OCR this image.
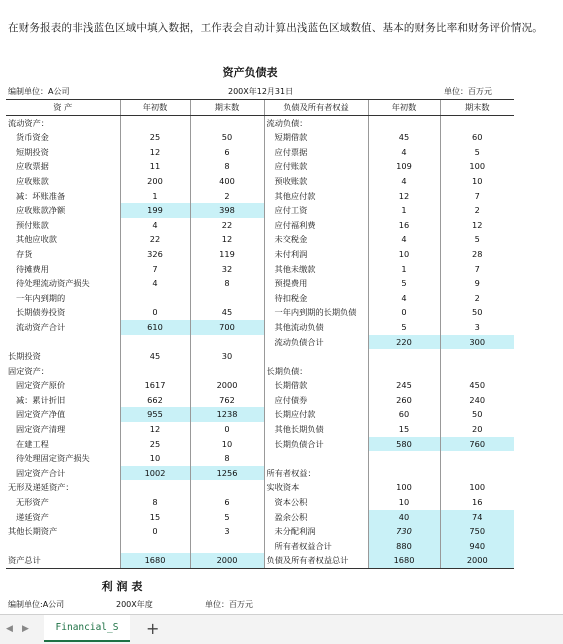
在财务报表的非浅蓝色区域中填入数据，工作表会自动计算出浅蓝色区域数值、基本的财务比率和财务评价情况。
资产负债表
编制单位：A公司	200X年12月31日	单位：百万元
资 产	年初数	期末数	负债及所有者权益	年初数	期末数
流动资产：			流动负债：		
货币资金	25	50	短期借款	45	60
短期投资	12	6	应付票据	4	5
应收票据	11	8	应付账款	109	100
应收账款	200	400	预收账款	4	10
减：坏账准备	1	2	其他应付款	12	7
应收账款净额	199	398	应付工资	1	2
预付账款	4	22	应付福利费	16	12
其他应收款	22	12	未交税金	4	5
存货	326	119	未付利润	10	28
待摊费用	7	32	其他未缴款	1	7
待处理流动资产损失	4	8	预提费用	5	9
一年内到期的			待扣税金	4	2
长期债券投资	0	45	一年内到期的长期负债	0	50
流动资产合计	610	700	其他流动负债	5	3
			流动负债合计	220	300
长期投资	45	30			
固定资产：			长期负债：		
固定资产原价	1617	2000	长期借款	245	450
减：累计折旧	662	762	应付债券	260	240
固定资产净值	955	1238	长期应付款	60	50
固定资产清理	12	0	其他长期负债	15	20
在建工程	25	10	长期负债合计	580	760
待处理固定资产损失	10	8			
固定资产合计	1002	1256	所有者权益：		
无形及递延资产：			实收资本	100	100
无形资产	8	6	资本公积	10	16
递延资产	15	5	盈余公积	40	74
其他长期资产	0	3	未分配利润	730	750
			所有者权益合计	880	940
资产总计	1680	2000	负债及所有者权益总计	1680	2000
利 润 表
编制单位:A公司	200X年度	单位：百万元
◀ ▶	Financial_S	+
